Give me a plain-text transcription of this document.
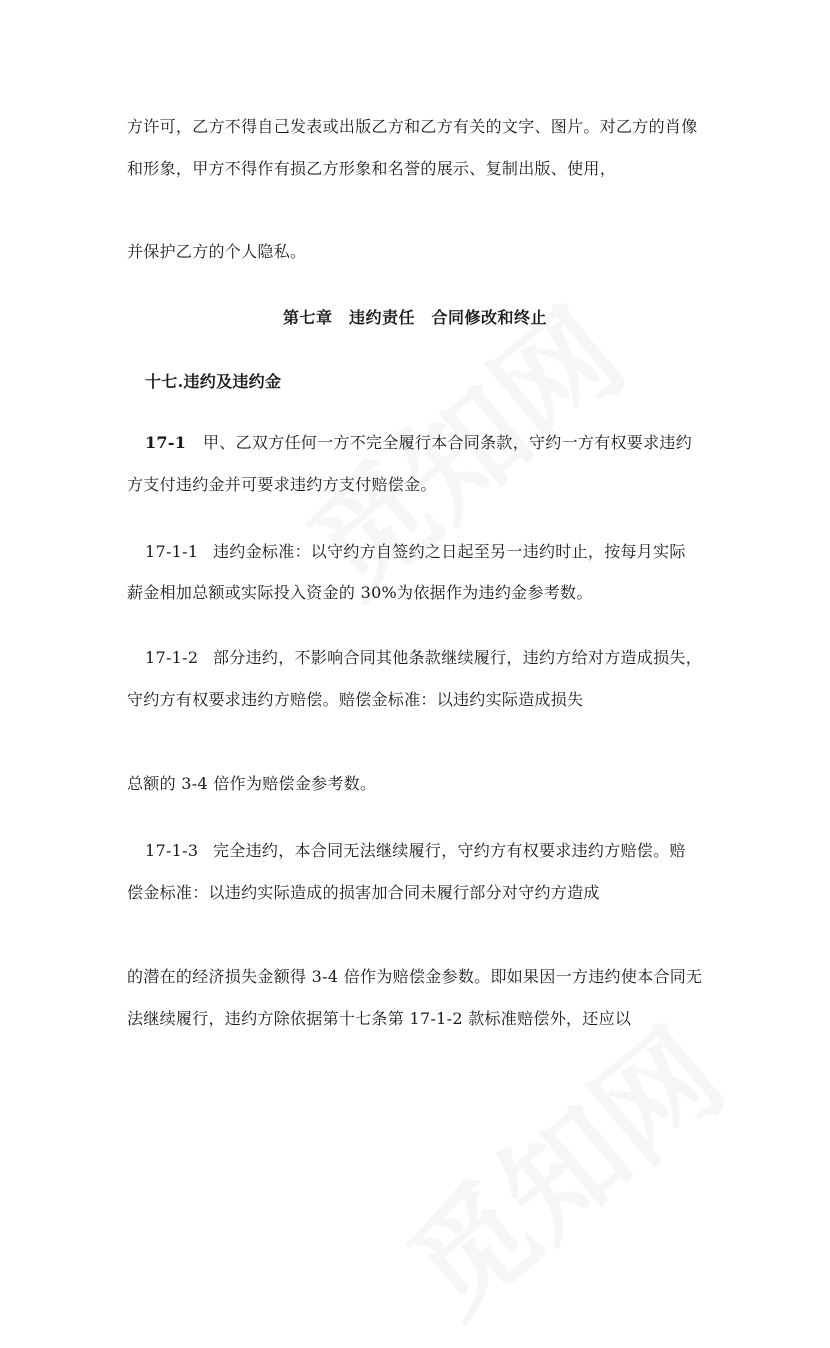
方许可，乙方不得自己发表或出版乙方和乙方有关的文字、图片。对乙方的肖像
和形象，甲方不得作有损乙方形象和名誉的展示、复制出版、使用，
并保护乙方的个人隐私。
第七章　违约责任　合同修改和终止
十七.违约及违约金
17-1 甲、乙双方任何一方不完全履行本合同条款，守约一方有权要求违约
方支付违约金并可要求违约方支付赔偿金。
17-1-1 违约金标准：以守约方自签约之日起至另一违约时止，按每月实际
薪金相加总额或实际投入资金的 30%为依据作为违约金参考数。
17-1-2 部分违约，不影响合同其他条款继续履行，违约方给对方造成损失，
守约方有权要求违约方赔偿。赔偿金标准：以违约实际造成损失
总额的 3-4 倍作为赔偿金参考数。
17-1-3 完全违约，本合同无法继续履行，守约方有权要求违约方赔偿。赔
偿金标准：以违约实际造成的损害加合同未履行部分对守约方造成
的潜在的经济损失金额得 3-4 倍作为赔偿金参数。即如果因一方违约使本合同无
法继续履行，违约方除依据第十七条第 17-1-2 款标准赔偿外，还应以
